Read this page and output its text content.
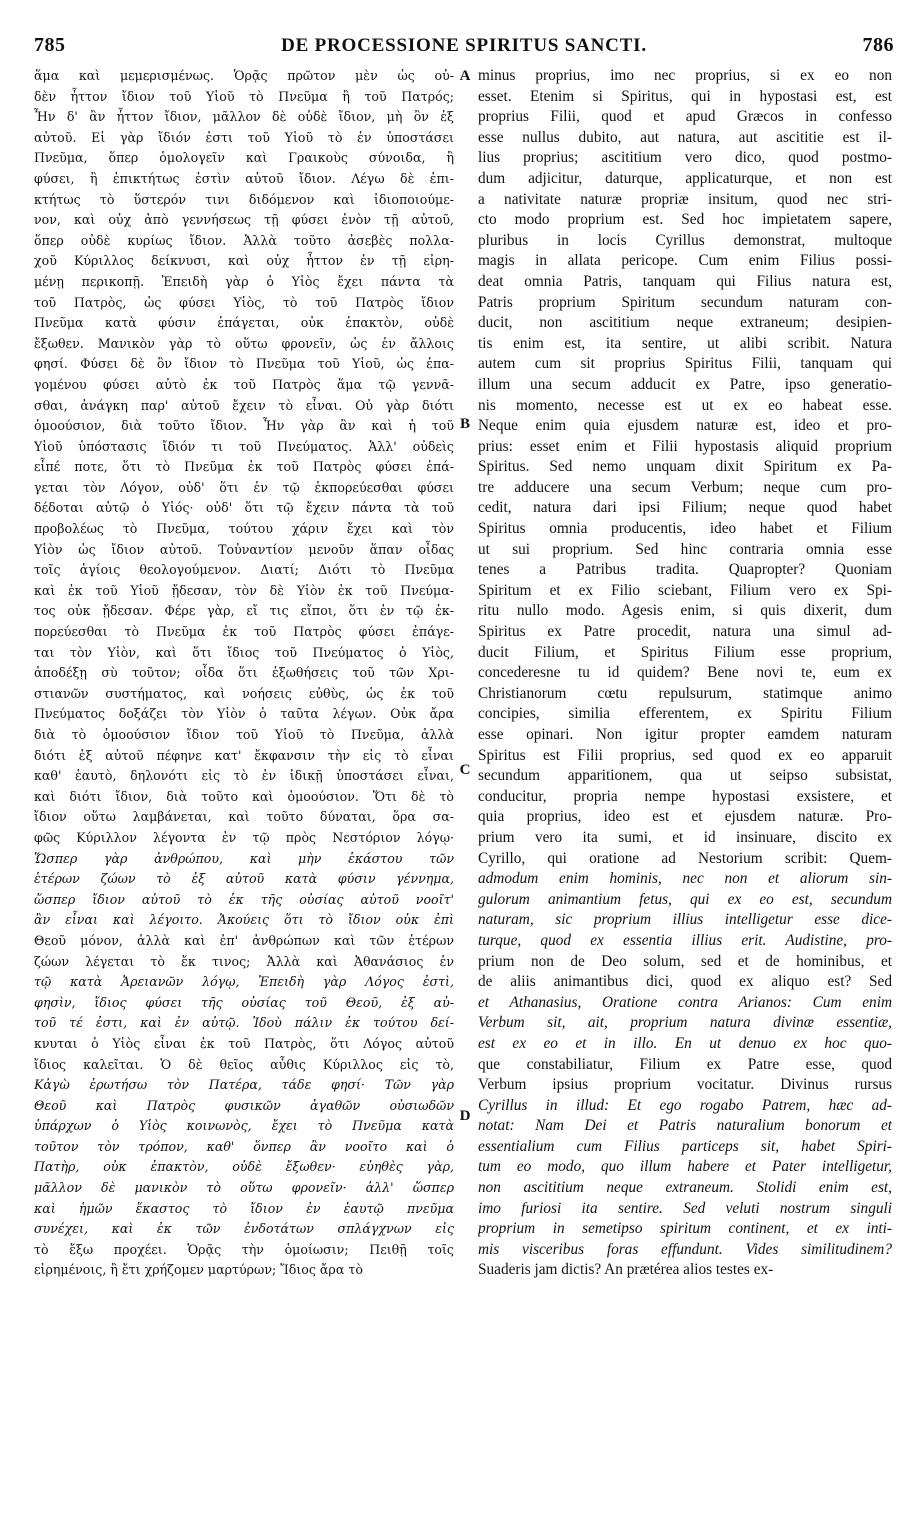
785	DE PROCESSIONE SPIRITUS SANCTI.	786
ἅμα καὶ μεμερισμένως. Ὁρᾷς πρῶτον μὲν ὡς οὐ-
δὲν ἧττον ἴδιον τοῦ Υἱοῦ τὸ Πνεῦμα ἢ τοῦ Πατρός;
Ἦν δ' ἂν ἧττον ἴδιον, μᾶλλον δὲ οὐδὲ ἴδιον, μὴ ὂν ἐξ
αὐτοῦ. Εἰ γὰρ ἴδιόν ἐστι τοῦ Υἱοῦ τὸ ἐν ὑποστάσει
Πνεῦμα, ὅπερ ὁμολογεῖν καὶ Γραικοὺς σύνοιδα, ἢ
φύσει, ἢ ἐπικτήτως ἐστὶν αὐτοῦ ἴδιον. Λέγω δὲ ἐπι-
κτήτως τὸ ὕστερόν τινι διδόμενον καὶ ἰδιοποιούμε-
νον, καὶ οὐχ ἀπὸ γεννήσεως τῇ φύσει ἐνὸν τῇ αὐτοῦ,
ὅπερ οὐδὲ κυρίως ἴδιον. Ἀλλὰ τοῦτο ἀσεβὲς πολλα-
χοῦ Κύριλλος δείκνυσι, καὶ οὐχ ἧττον ἐν τῇ εἰρη-
μένῃ περικοπῇ. Ἐπειδὴ γὰρ ὁ Υἱὸς ἔχει πάντα τὰ
τοῦ Πατρὸς, ὡς φύσει Υἱὸς, τὸ τοῦ Πατρὸς ἴδιον
Πνεῦμα κατὰ φύσιν ἐπάγεται, οὐκ ἐπακτὸν, οὐδὲ
ἔξωθεν. Μανικὸν γὰρ τὸ οὕτω φρονεῖν, ὡς ἐν ἄλλοις
φησί. Φύσει δὲ ὂν ἴδιον τὸ Πνεῦμα τοῦ Υἱοῦ, ὡς ἐπα-
γομένου φύσει αὐτὸ ἐκ τοῦ Πατρὸς ἅμα τῷ γεννᾶ-
σθαι, ἀνάγκη παρ' αὐτοῦ ἔχειν τὸ εἶναι. Οὐ γὰρ διότι
ὁμοούσιον, διὰ τοῦτο ἴδιον. Ἦν γὰρ ἂν καὶ ἡ τοῦ
Υἱοῦ ὑπόστασις ἴδιόν τι τοῦ Πνεύματος. Ἀλλ' οὐδεὶς
εἶπέ ποτε, ὅτι τὸ Πνεῦμα ἐκ τοῦ Πατρὸς φύσει ἐπά-
γεται τὸν Λόγον, οὐδ' ὅτι ἐν τῷ ἐκπορεύεσθαι φύσει
δέδοται αὐτῷ ὁ Υἱός· οὐδ' ὅτι τῷ ἔχειν πάντα τὰ τοῦ
προβολέως τὸ Πνεῦμα, τούτου χάριν ἔχει καὶ τὸν
Υἱὸν ὡς ἴδιον αὐτοῦ. Τοὐναντίον μενοῦν ἅπαν οἶδας
τοῖς ἁγίοις θεολογούμενον. Διατί; Διότι τὸ Πνεῦμα
καὶ ἐκ τοῦ Υἱοῦ ᾔδεσαν, τὸν δὲ Υἱὸν ἐκ τοῦ Πνεύμα-
τος οὐκ ᾔδεσαν. Φέρε γὰρ, εἴ τις εἴποι, ὅτι ἐν τῷ ἐκ-
πορεύεσθαι τὸ Πνεῦμα ἐκ τοῦ Πατρὸς φύσει ἐπάγε-
ται τὸν Υἱὸν, καὶ ὅτι ἴδιος τοῦ Πνεύματος ὁ Υἱὸς,
ἀποδέξῃ σὺ τοῦτον; οἶδα ὅτι ἐξωθήσεις τοῦ τῶν Χρι-
στιανῶν συστήματος, καὶ νοήσεις εὐθὺς, ὡς ἐκ τοῦ
Πνεύματος δοξάζει τὸν Υἱὸν ὁ ταῦτα λέγων. Οὐκ ἄρα
διὰ τὸ ὁμοούσιον ἴδιον τοῦ Υἱοῦ τὸ Πνεῦμα, ἀλλὰ
διότι ἐξ αὐτοῦ πέφηνε κατ' ἔκφανσιν τὴν εἰς τὸ εἶναι
καθ' ἑαυτὸ, δηλονότι εἰς τὸ ἐν ἰδικῇ ὑποστάσει εἶναι,
καὶ διότι ἴδιον, διὰ τοῦτο καὶ ὁμοούσιον. Ὅτι δὲ τὸ
ἴδιον οὕτω λαμβάνεται, καὶ τοῦτο δύναται, ὅρα σα-
φῶς Κύριλλον λέγοντα ἐν τῷ πρὸς Νεστόριον λόγῳ·
Ὥσπερ γὰρ ἀνθρώπου, καὶ μὴν ἑκάστου τῶν
ἑτέρων ζώων τὸ ἐξ αὐτοῦ κατὰ φύσιν γέννημα,
ὥσπερ ἴδιον αὐτοῦ τὸ ἐκ τῆς οὐσίας αὐτοῦ νοοῖτ'
ἂν εἶναι καὶ λέγοιτο. Ἀκούεις ὅτι τὸ ἴδιον οὐκ ἐπὶ
Θεοῦ μόνον, ἀλλὰ καὶ ἐπ' ἀνθρώπων καὶ τῶν ἑτέρων
ζώων λέγεται τὸ ἔκ τινος; Ἀλλὰ καὶ Ἀθανάσιος ἐν
τῷ κατὰ Ἀρειανῶν λόγῳ, Ἐπειδὴ γὰρ Λόγος ἐστὶ,
φησὶν, ἴδιος φύσει τῆς οὐσίας τοῦ Θεοῦ, ἐξ αὐ-
τοῦ τέ ἐστι, καὶ ἐν αὐτῷ. Ἰδοὺ πάλιν ἐκ τούτου δεί-
κνυται ὁ Υἱὸς εἶναι ἐκ τοῦ Πατρὸς, ὅτι Λόγος αὐτοῦ
ἴδιος καλεῖται. Ὁ δὲ θεῖος αὖθις Κύριλλος εἰς τὸ,
Κἀγὼ ἐρωτήσω τὸν Πατέρα, τάδε φησί· Τῶν γὰρ
Θεοῦ καὶ Πατρὸς φυσικῶν ἀγαθῶν οὐσιωδῶν
ὑπάρχων ὁ Υἱὸς κοινωνὸς, ἔχει τὸ Πνεῦμα κατὰ
τοῦτον τὸν τρόπον, καθ' ὅνπερ ἂν νοοῖτο καὶ ὁ
Πατὴρ, οὐκ ἐπακτὸν, οὐδὲ ἔξωθεν· εὐηθὲς γὰρ,
μᾶλλον δὲ μανικὸν τὸ οὕτω φρονεῖν· ἀλλ' ὥσπερ
καὶ ἡμῶν ἕκαστος τὸ ἴδιον ἐν ἑαυτῷ πνεῦμα
συνέχει, καὶ ἐκ τῶν ἐνδοτάτων σπλάγχνων εἰς
τὸ ἔξω προχέει. Ὁρᾷς τὴν ὁμοίωσιν; Πειθῇ τοῖς
εἰρημένοις, ἢ ἔτι χρήζομεν μαρτύρων; Ἴδιος ἄρα τὸ
A
B
C
D
minus proprius, imo nec proprius, si ex eo non
esset. Etenim si Spiritus, qui in hypostasi est, est
proprius Filii, quod et apud Græcos in confesso
esse nullus dubito, aut natura, aut ascititie est il-
lius proprius; ascititium vero dico, quod postmo-
dum adjicitur, daturque, applicaturque, et non est
a nativitate naturæ propriæ insitum, quod nec stri-
cto modo proprium est. Sed hoc impietatem sapere,
pluribus in locis Cyrillus demonstrat, multoque
magis in allata pericope. Cum enim Filius possi-
deat omnia Patris, tanquam qui Filius natura est,
Patris proprium Spiritum secundum naturam con-
ducit, non ascititium neque extraneum; desipien-
tis enim est, ita sentire, ut alibi scribit. Natura
autem cum sit proprius Spiritus Filii, tanquam qui
illum una secum adducit ex Patre, ipso generatio-
nis momento, necesse est ut ex eo habeat esse.
Neque enim quia ejusdem naturæ est, ideo et pro-
prius: esset enim et Filii hypostasis aliquid proprium
Spiritus. Sed nemo unquam dixit Spiritum ex Pa-
tre adducere una secum Verbum; neque cum pro-
cedit, natura dari ipsi Filium; neque quod habet
Spiritus omnia producentis, ideo habet et Filium
ut sui proprium. Sed hinc contraria omnia esse
tenes a Patribus tradita. Quapropter? Quoniam
Spiritum et ex Filio sciebant, Filium vero ex Spi-
ritu nullo modo. Agesis enim, si quis dixerit, dum
Spiritus ex Patre procedit, natura una simul ad-
ducit Filium, et Spiritus Filium esse proprium,
concederesne tu id quidem? Bene novi te, eum ex
Christianorum cœtu repulsurum, statimque animo
concipies, similia efferentem, ex Spiritu Filium
esse opinari. Non igitur propter eamdem naturam
Spiritus est Filii proprius, sed quod ex eo apparuit
secundum apparitionem, qua ut seipso subsistat,
conducitur, propria nempe hypostasi exsistere, et
quia proprius, ideo est et ejusdem naturæ. Pro-
prium vero ita sumi, et id insinuare, discito ex
Cyrillo, qui oratione ad Nestorium scribit: Quem-
admodum enim hominis, nec non et aliorum sin-
gulorum animantium fetus, qui ex eo est, secundum
naturam, sic proprium illius intelligetur esse dice-
turque, quod ex essentia illius erit. Audistine, pro-
prium non de Deo solum, sed et de hominibus, et
de aliis animantibus dici, quod ex aliquo est? Sed
et Athanasius, Oratione contra Arianos: Cum enim
Verbum sit, ait, proprium natura divinæ essentiæ,
est ex eo et in illo. En ut denuo ex hoc quo-
que constabiliatur, Filium ex Patre esse, quod
Verbum ipsius proprium vocitatur. Divinus rursus
Cyrillus in illud: Et ego rogabo Patrem, hæc ad-
notat: Nam Dei et Patris naturalium bonorum et
essentialium cum Filius particeps sit, habet Spiri-
tum eo modo, quo illum habere et Pater intelligetur,
non ascititium neque extraneum. Stolidi enim est,
imo furiosi ita sentire. Sed veluti nostrum singuli
proprium in semetipso spiritum continent, et ex inti-
mis visceribus foras effundunt. Vides similitudinem?
Suaderis jam dictis? An prætérea alios testes ex-
